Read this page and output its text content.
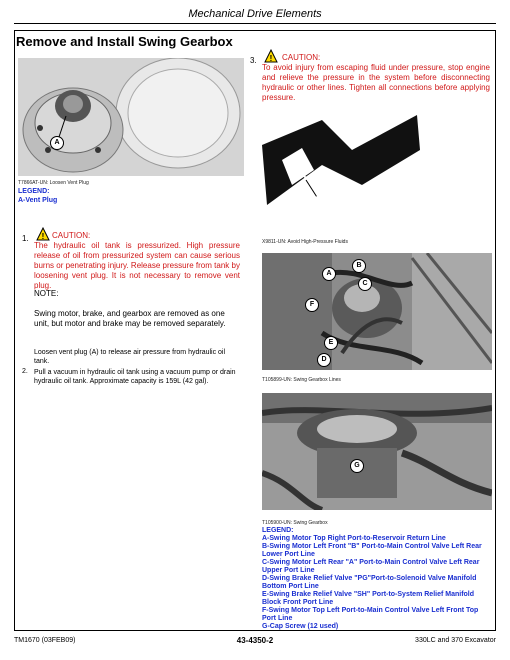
Mechanical Drive Elements
Remove and Install Swing Gearbox
A
T7866AT-UN: Loosen Vent Plug
LEGEND:
A-Vent Plug
1. ! CAUTION:
The hydraulic oil tank is pressurized. High pressure release of oil from pressurized system can cause serious burns or penetrating injury. Release pressure from tank by loosening vent plug. It is not necessary to remove vent plug.
NOTE:
Swing motor, brake, and gearbox are removed as one unit, but motor and brake may be removed separately.
Loosen vent plug (A) to release air pressure from hydraulic oil tank.
2. Pull a vacuum in hydraulic oil tank using a vacuum pump or drain hydraulic oil tank. Approximate capacity is 159L (42 gal).
3. ! CAUTION:
To avoid injury from escaping fluid under pressure, stop engine and relieve the pressure in the system before disconnecting hydraulic or other lines. Tighten all connections before applying pressure.
X9811-UN: Avoid High-Pressure Fluids
B
A
C
F
E
D
T105899-UN: Swing Gearbox Lines
G
T105900-UN: Swing Gearbox
LEGEND:
A-Swing Motor Top Right Port-to-Reservoir Return Line
B-Swing Motor Left Front "B" Port-to-Main Control Valve Left Rear Lower Port Line
C-Swing Motor Left Rear "A" Port-to-Main Control Valve Left Rear Upper Port Line
D-Swing Brake Relief Valve "PG"Port-to-Solenoid Valve Manifold Bottom Port Line
E-Swing Brake Relief Valve "SH" Port-to-System Relief Manifold Block Front Port Line
F-Swing Motor Top Left Port-to-Main Control Valve Left Front Top Port Line
G-Cap Screw (12 used)
TM1670 (03FEB09)	43-4350-2	330LC and 370 Excavator
